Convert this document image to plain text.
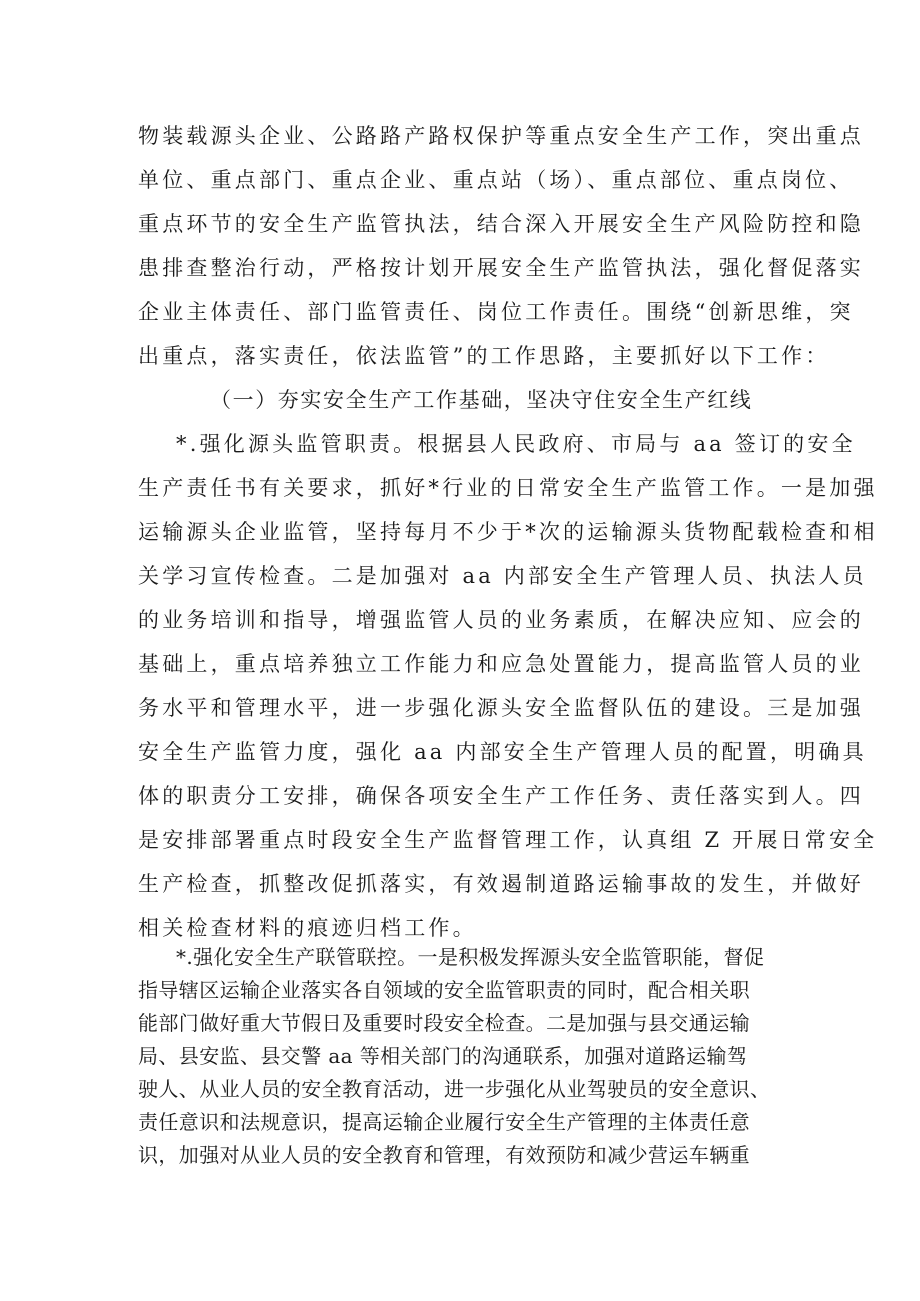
物装载源头企业、公路路产路权保护等重点安全生产工作，突出重点
单位、重点部门、重点企业、重点站（场）、重点部位、重点岗位、
重点环节的安全生产监管执法，结合深入开展安全生产风险防控和隐
患排查整治行动，严格按计划开展安全生产监管执法，强化督促落实
企业主体责任、部门监管责任、岗位工作责任。围绕“创新思维，突
出重点，落实责任，依法监管”的工作思路，主要抓好以下工作：
（一）夯实安全生产工作基础，坚决守住安全生产红线
*.强化源头监管职责。根据县人民政府、市局与 aa 签订的安全
生产责任书有关要求，抓好*行业的日常安全生产监管工作。一是加强
运输源头企业监管，坚持每月不少于*次的运输源头货物配载检查和相
关学习宣传检查。二是加强对 aa 内部安全生产管理人员、执法人员
的业务培训和指导，增强监管人员的业务素质，在解决应知、应会的
基础上，重点培养独立工作能力和应急处置能力，提高监管人员的业
务水平和管理水平，进一步强化源头安全监督队伍的建设。三是加强
安全生产监管力度，强化 aa 内部安全生产管理人员的配置，明确具
体的职责分工安排，确保各项安全生产工作任务、责任落实到人。四
是安排部署重点时段安全生产监督管理工作，认真组 Z 开展日常安全
生产检查，抓整改促抓落实，有效遏制道路运输事故的发生，并做好
相关检查材料的痕迹归档工作。
*.强化安全生产联管联控。一是积极发挥源头安全监管职能，督促
指导辖区运输企业落实各自领域的安全监管职责的同时，配合相关职
能部门做好重大节假日及重要时段安全检查。二是加强与县交通运输
局、县安监、县交警 aa 等相关部门的沟通联系，加强对道路运输驾
驶人、从业人员的安全教育活动，进一步强化从业驾驶员的安全意识、
责任意识和法规意识，提高运输企业履行安全生产管理的主体责任意
识，加强对从业人员的安全教育和管理，有效预防和减少营运车辆重
